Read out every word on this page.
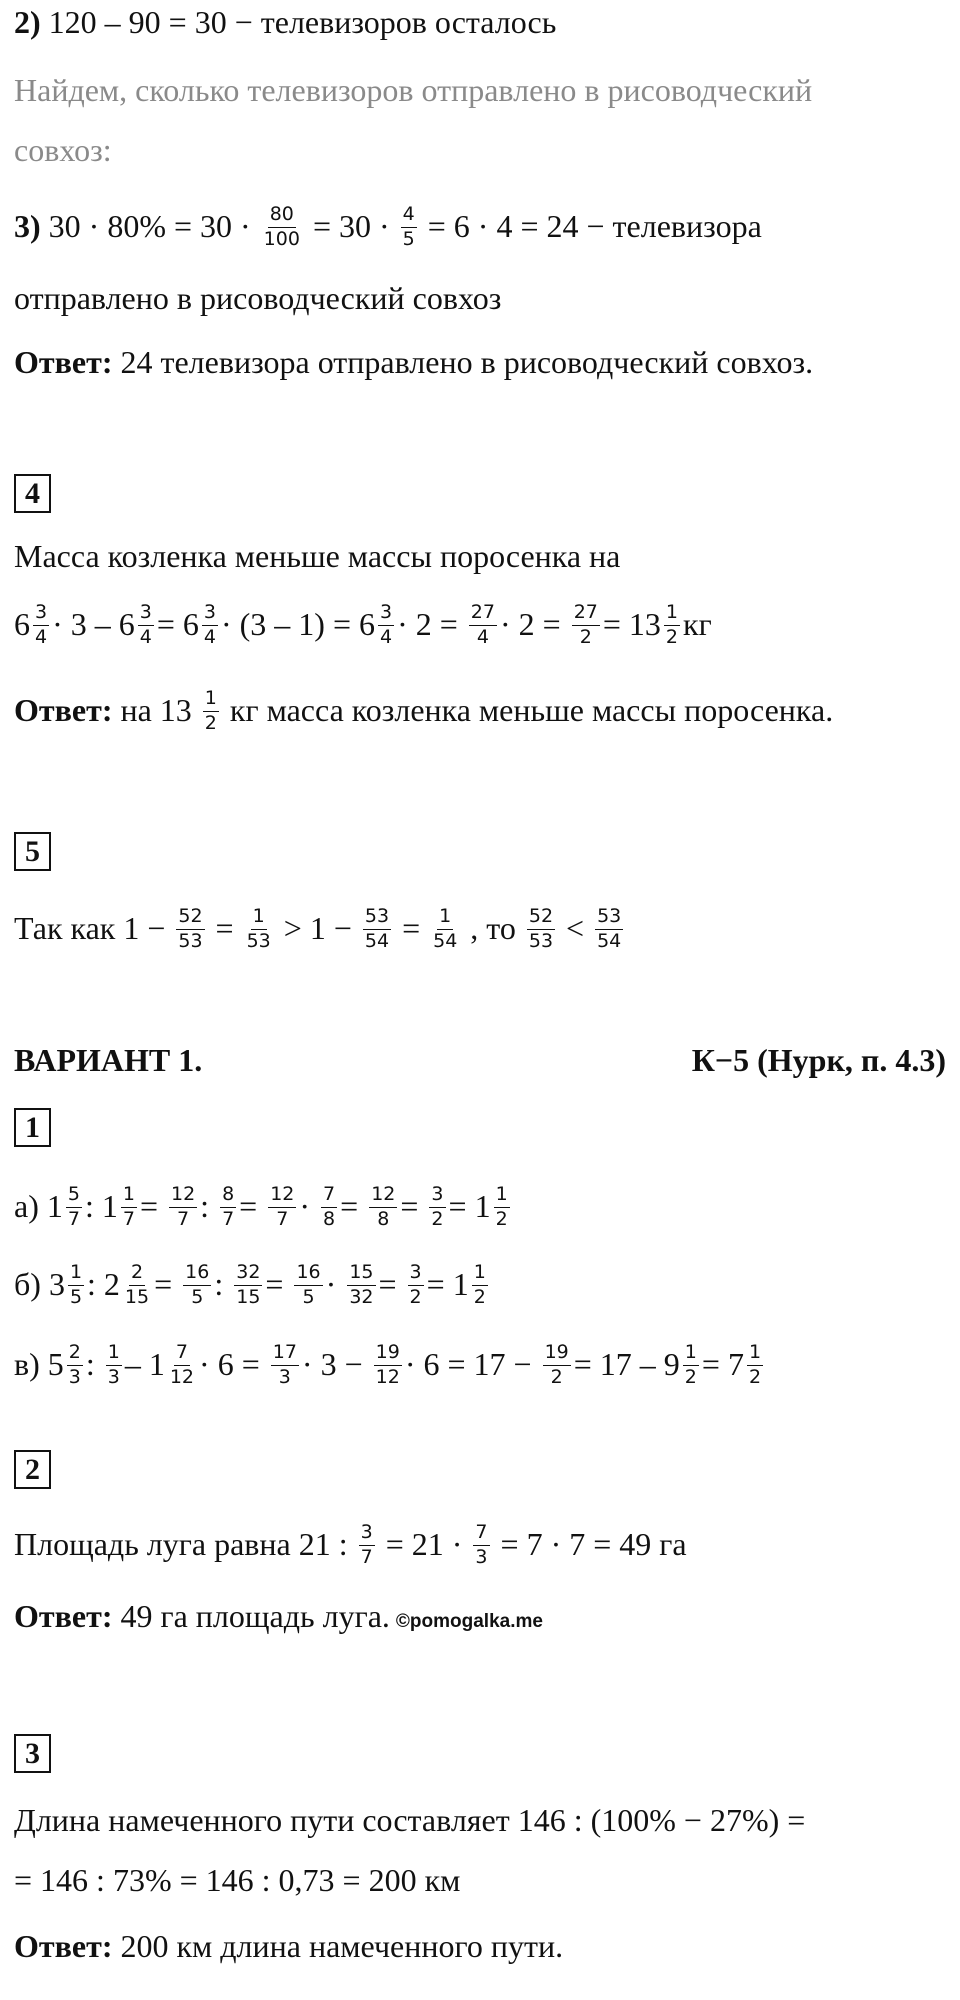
2) 120 – 90 = 30 − телевизоров осталось
Найдем, сколько телевизоров отправлено в рисоводческий
совхоз:
3) $30 \cdot 80\% = 30 \cdot \frac{80}{100} = 30 \cdot \frac{4}{5} = 6 \cdot 4 = 24$ − телевизора
отправлено в рисоводческий совхоз
Ответ: 24 телевизора отправлено в рисоводческий совхоз.
4
Масса козленка меньше массы поросенка на
$6 \frac{3}{4} \cdot 3 - 6 \frac{3}{4} = 6 \frac{3}{4} \cdot (3 - 1) = 6 \frac{3}{4} \cdot 2 = \frac{27}{4} \cdot 2 = \frac{27}{2} = 13 \frac{1}{2}$ кг
Ответ: на $13 \frac{1}{2}$ кг масса козленка меньше массы поросенка.
5
Так как $1 - \frac{52}{53} = \frac{1}{53} > 1 - \frac{53}{54} = \frac{1}{54}$ , то $\frac{52}{53} < \frac{53}{54}$
ВАРИАНТ 1.	К−5 (Нурк, п. 4.3)
1
а) $1 \frac{5}{7}$ : $1 \frac{1}{7} = \frac{12}{7}$ : $\frac{8}{7} = \frac{12}{7} \cdot \frac{7}{8} = \frac{12}{8} = \frac{3}{2} = 1 \frac{1}{2}$
б) $3 \frac{1}{5}$ : $2 \frac{2}{15} = \frac{16}{5}$ : $\frac{32}{15} = \frac{16}{5} \cdot \frac{15}{32} = \frac{3}{2} = 1 \frac{1}{2}$
в) $5 \frac{2}{3}$ : $\frac{1}{3} - 1 \frac{7}{12} \cdot 6 = \frac{17}{3} \cdot 3 - \frac{19}{12} \cdot 6 = 17 - \frac{19}{2} = 17 - 9 \frac{1}{2} = 7 \frac{1}{2}$
2
Площадь луга равна 21 : $\frac{3}{7} = 21 \cdot \frac{7}{3} = 7 \cdot 7 = 49$ га
Ответ: 49 га площадь луга. ©pomogalka.me
3
Длина намеченного пути составляет 146 : (100% − 27%) =
= 146 : 73% = 146 : 0,73 = 200 км
Ответ: 200 км длина намеченного пути.
